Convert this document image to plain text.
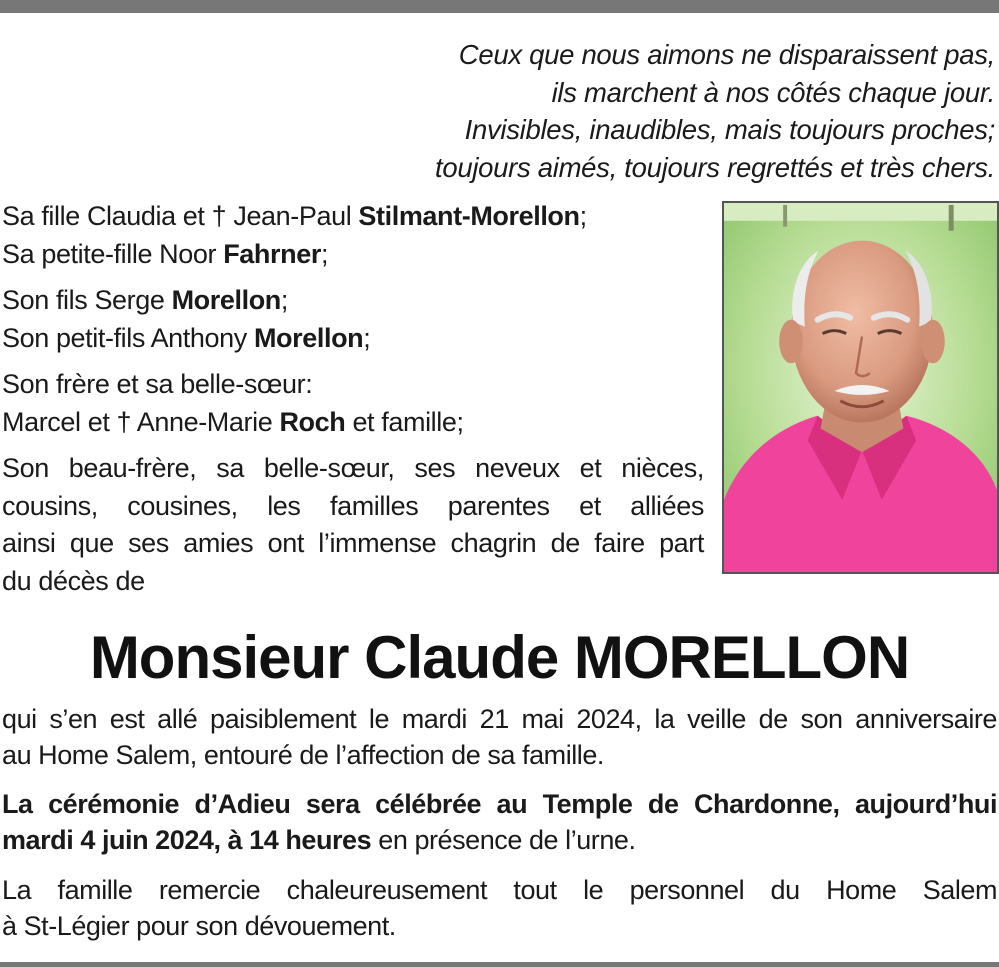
Ceux que nous aimons ne disparaissent pas,
ils marchent à nos côtés chaque jour.
Invisibles, inaudibles, mais toujours proches;
toujours aimés, toujours regrettés et très chers.
Sa fille Claudia et † Jean-Paul Stilmant-Morellon;
Sa petite-fille Noor Fahrner;
Son fils Serge Morellon;
Son petit-fils Anthony Morellon;
Son frère et sa belle-sœur:
Marcel et † Anne-Marie Roch et famille;
Son beau-frère, sa belle-sœur, ses neveux et nièces,
cousins, cousines, les familles parentes et alliées
ainsi que ses amies ont l’immense chagrin de faire part
du décès de
Monsieur Claude MORELLON
qui s’en est allé paisiblement le mardi 21 mai 2024, la veille de son anniversaire
au Home Salem, entouré de l’affection de sa famille.
La cérémonie d’Adieu sera célébrée au Temple de Chardonne, aujourd’hui
mardi 4 juin 2024, à 14 heures en présence de l’urne.
La famille remercie chaleureusement tout le personnel du Home Salem
à St-Légier pour son dévouement.
